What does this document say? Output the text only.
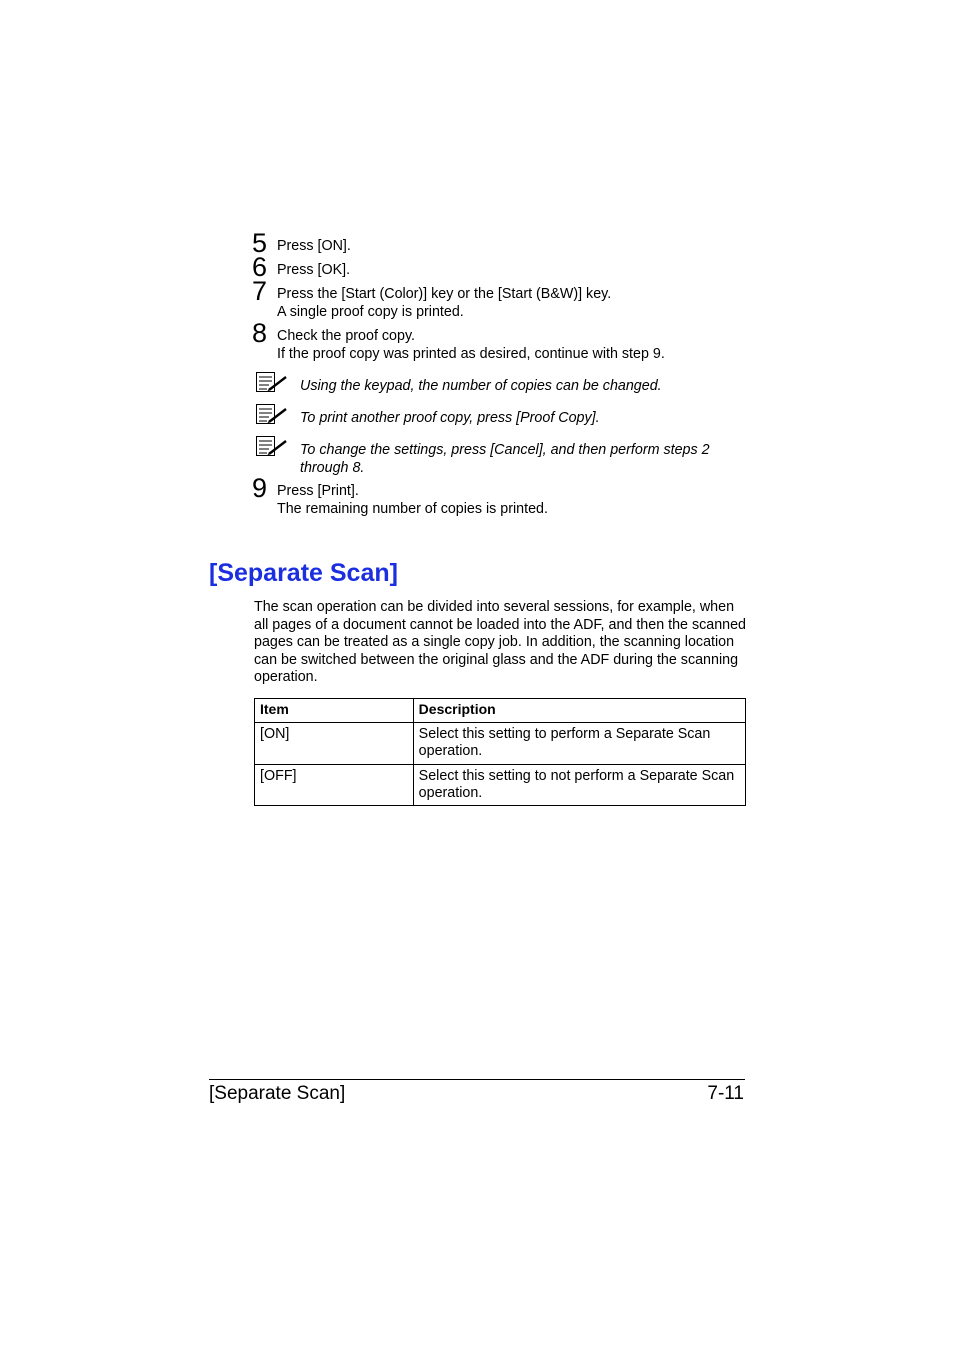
5 Press [ON].
6 Press [OK].
7 Press the [Start (Color)] key or the [Start (B&W)] key.
A single proof copy is printed.
8 Check the proof copy.
If the proof copy was printed as desired, continue with step 9.
Using the keypad, the number of copies can be changed.
To print another proof copy, press [Proof Copy].
To change the settings, press [Cancel], and then perform steps 2 through 8.
9 Press [Print].
The remaining number of copies is printed.
[Separate Scan]
The scan operation can be divided into several sessions, for example, when all pages of a document cannot be loaded into the ADF, and then the scanned pages can be treated as a single copy job. In addition, the scanning location can be switched between the original glass and the ADF during the scanning operation.
Item	Description
[ON]	Select this setting to perform a Separate Scan operation.
[OFF]	Select this setting to not perform a Separate Scan operation.
[Separate Scan]	7-11
